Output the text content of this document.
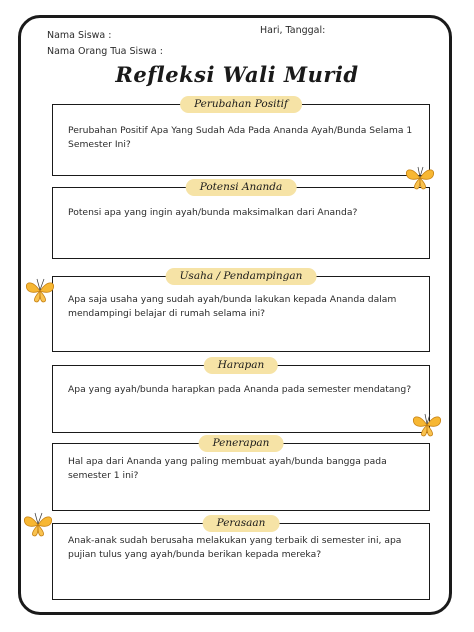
Nama Siswa :
Nama Orang Tua Siswa :
Hari, Tanggal:
Refleksi Wali Murid
Perubahan Positif
Perubahan Positif Apa Yang Sudah Ada Pada Ananda Ayah/Bunda Selama 1 Semester Ini?
Potensi Ananda
Potensi apa yang ingin ayah/bunda maksimalkan dari Ananda?
Usaha / Pendampingan
Apa saja usaha yang sudah ayah/bunda lakukan kepada Ananda dalam mendampingi belajar di rumah selama ini?
Harapan
Apa yang ayah/bunda harapkan pada Ananda pada semester mendatang?
Penerapan
Hal apa dari Ananda yang paling membuat ayah/bunda bangga pada semester 1 ini?
Perasaan
Anak-anak sudah berusaha melakukan yang terbaik di semester ini, apa pujian tulus yang ayah/bunda berikan kepada mereka?
